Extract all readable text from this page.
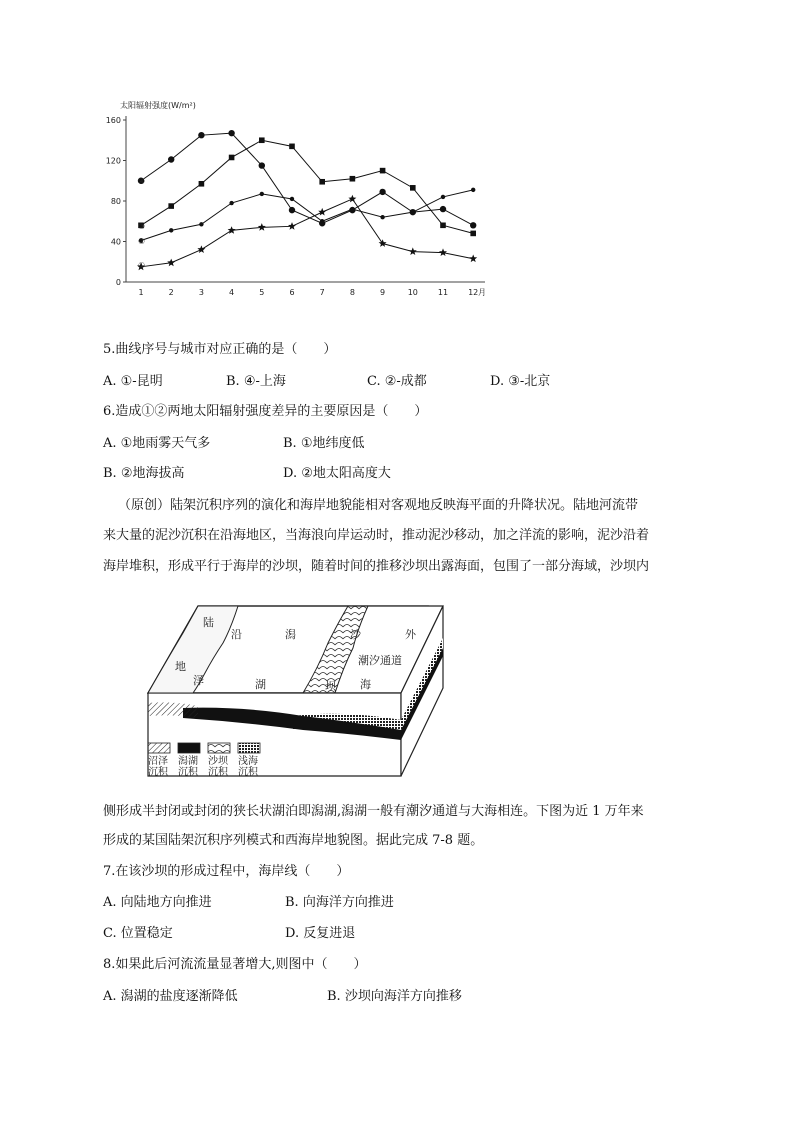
太阳辐射强度(W/m²)
0
40
80
120
160
1	2	3	4	5	6	7	8	9	10	11	12
①
②
③
④
月
5.曲线序号与城市对应正确的是（　　）
A. ①-昆明	B. ④-上海	C. ②-成都	D. ③-北京
6.造成①②两地太阳辐射强度差异的主要原因是（　　）
A. ①地雨雾天气多	B. ①地纬度低
B. ②地海拔高	D. ②地太阳高度大
（原创）陆架沉积序列的演化和海岸地貌能相对客观地反映海平面的升降状况。陆地河流带
来大量的泥沙沉积在沿海地区，当海浪向岸运动时，推动泥沙移动，加之洋流的影响，泥沙沿着
海岸堆积，形成平行于海岸的沙坝，随着时间的推移沙坝出露海面，包围了一部分海域，沙坝内
沼泽
沉积
潟湖
沉积
沙坝
沉积
浅海
沉积
陆
沿
泽
地
潟
湖
沙
坝
外
海
潮汐通道
侧形成半封闭或封闭的狭长状湖泊即潟湖,潟湖一般有潮汐通道与大海相连。下图为近 1 万年来
形成的某国陆架沉积序列模式和西海岸地貌图。据此完成 7-8 题。
7.在该沙坝的形成过程中，海岸线（　　）
A. 向陆地方向推进	B. 向海洋方向推进
C. 位置稳定	D. 反复进退
8.如果此后河流流量显著增大,则图中（　　）
A. 潟湖的盐度逐渐降低	B. 沙坝向海洋方向推移
